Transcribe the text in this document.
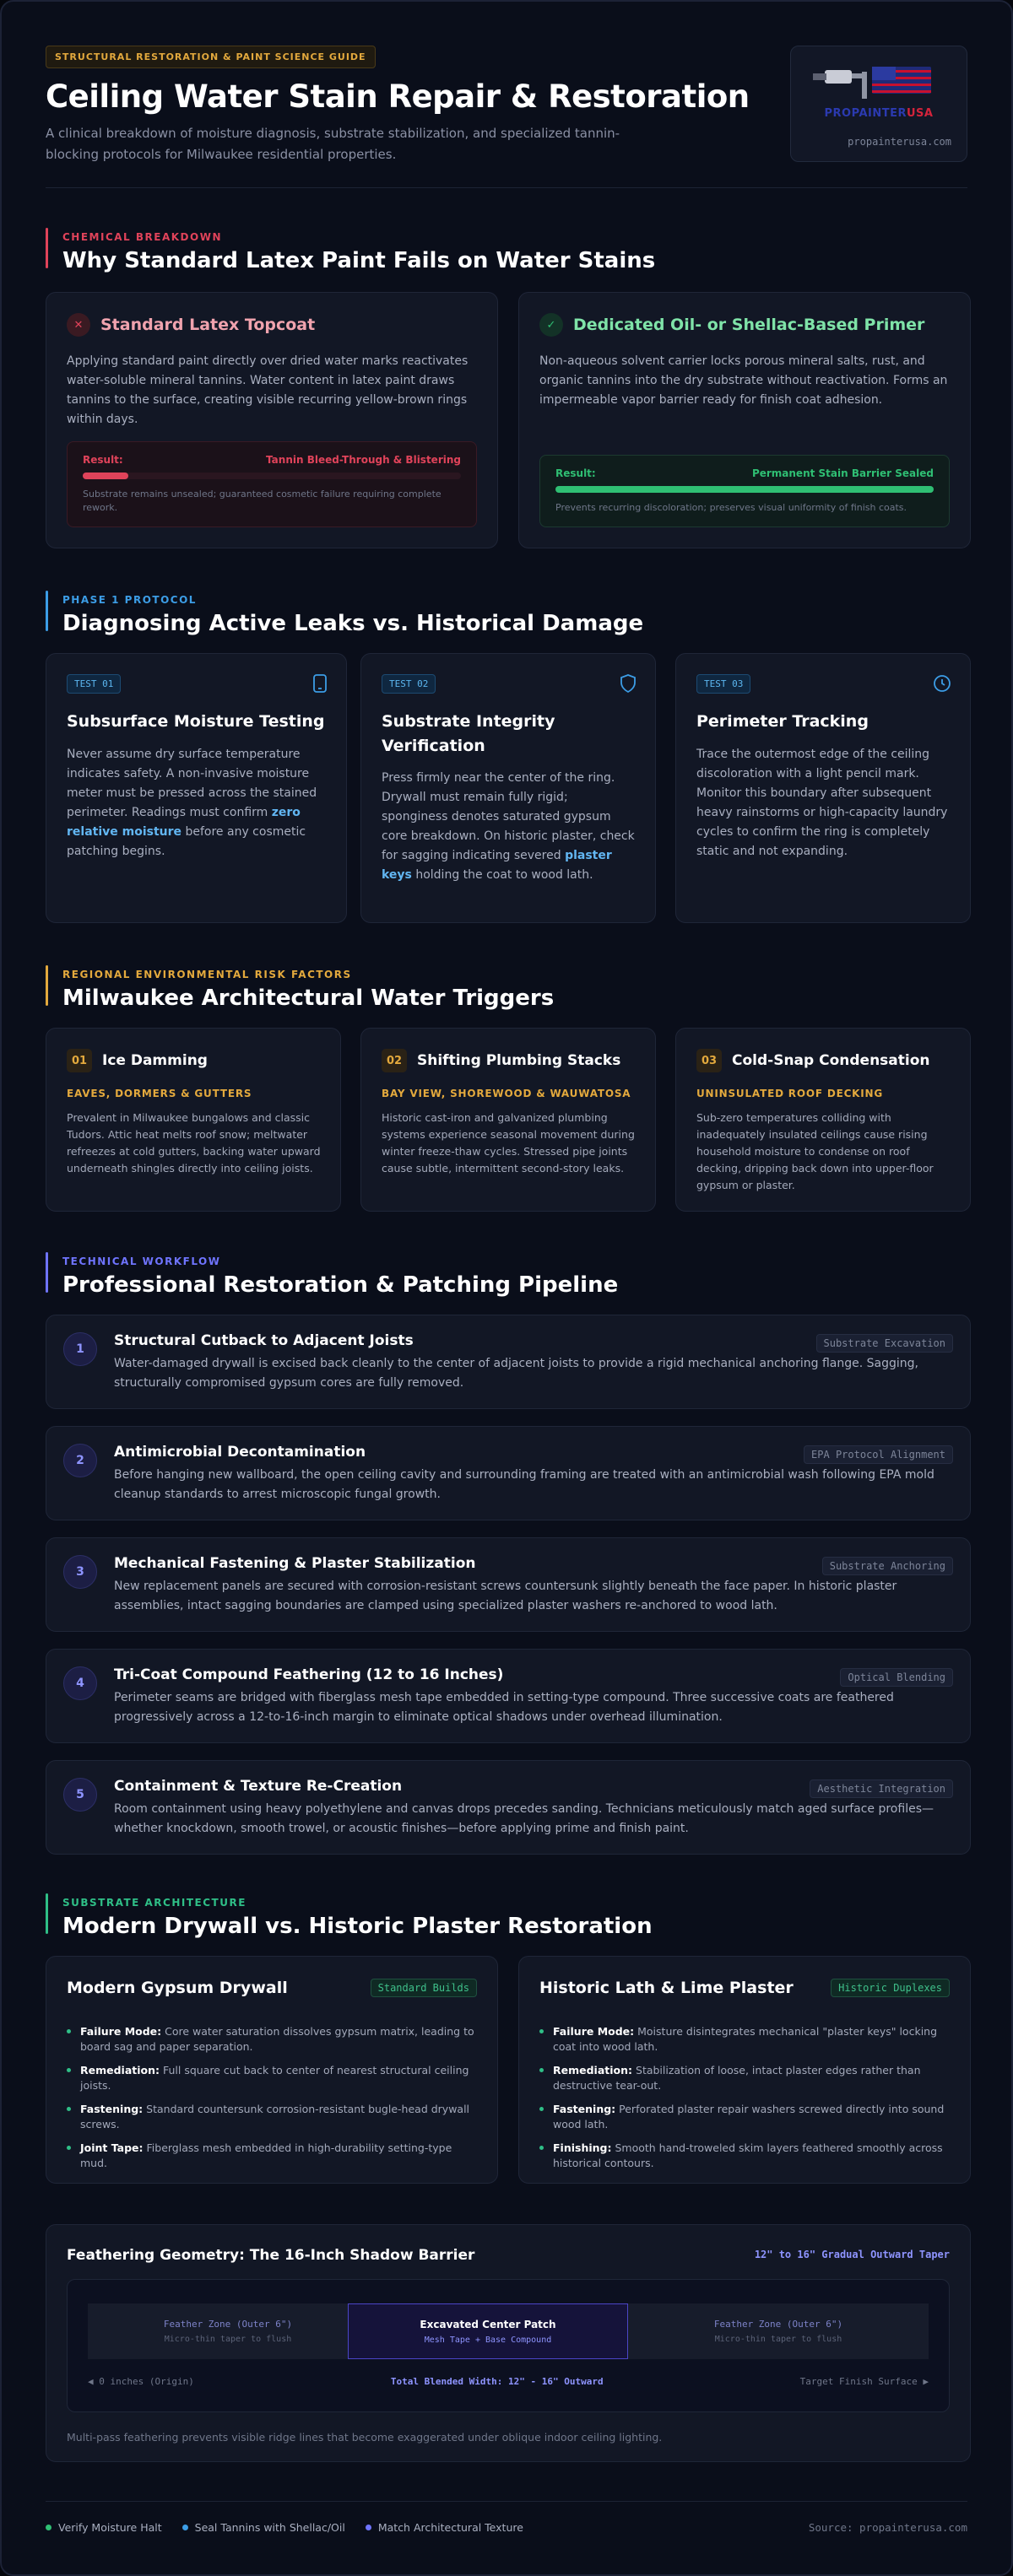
STRUCTURAL RESTORATION & PAINT SCIENCE GUIDE
Ceiling Water Stain Repair & Restoration
A clinical breakdown of moisture diagnosis, substrate stabilization, and specialized tannin-blocking protocols for Milwaukee residential properties.
PROPAINTERUSA
propainterusa.com
CHEMICAL BREAKDOWN
Why Standard Latex Paint Fails on Water Stains
✕	Standard Latex Topcoat
Applying standard paint directly over dried water marks reactivates water-soluble mineral tannins. Water content in latex paint draws tannins to the surface, creating visible recurring yellow-brown rings within days.
Result:	Tannin Bleed-Through & Blistering
Substrate remains unsealed; guaranteed cosmetic failure requiring complete rework.
✓	Dedicated Oil- or Shellac-Based Primer
Non-aqueous solvent carrier locks porous mineral salts, rust, and organic tannins into the dry substrate without reactivation. Forms an impermeable vapor barrier ready for finish coat adhesion.
Result:	Permanent Stain Barrier Sealed
Prevents recurring discoloration; preserves visual uniformity of finish coats.
PHASE 1 PROTOCOL
Diagnosing Active Leaks vs. Historical Damage
TEST 01
Subsurface Moisture Testing
Never assume dry surface temperature indicates safety. A non-invasive moisture meter must be pressed across the stained perimeter. Readings must confirm zero relative moisture before any cosmetic patching begins.
TEST 02
Substrate Integrity Verification
Press firmly near the center of the ring. Drywall must remain fully rigid; sponginess denotes saturated gypsum core breakdown. On historic plaster, check for sagging indicating severed plaster keys holding the coat to wood lath.
TEST 03
Perimeter Tracking
Trace the outermost edge of the ceiling discoloration with a light pencil mark. Monitor this boundary after subsequent heavy rainstorms or high-capacity laundry cycles to confirm the ring is completely static and not expanding.
REGIONAL ENVIRONMENTAL RISK FACTORS
Milwaukee Architectural Water Triggers
01	Ice Damming
EAVES, DORMERS & GUTTERS
Prevalent in Milwaukee bungalows and classic Tudors. Attic heat melts roof snow; meltwater refreezes at cold gutters, backing water upward underneath shingles directly into ceiling joists.
02	Shifting Plumbing Stacks
BAY VIEW, SHOREWOOD & WAUWATOSA
Historic cast-iron and galvanized plumbing systems experience seasonal movement during winter freeze-thaw cycles. Stressed pipe joints cause subtle, intermittent second-story leaks.
03	Cold-Snap Condensation
UNINSULATED ROOF DECKING
Sub-zero temperatures colliding with inadequately insulated ceilings cause rising household moisture to condense on roof decking, dripping back down into upper-floor gypsum or plaster.
TECHNICAL WORKFLOW
Professional Restoration & Patching Pipeline
1	Structural Cutback to Adjacent Joists	Substrate Excavation
Water-damaged drywall is excised back cleanly to the center of adjacent joists to provide a rigid mechanical anchoring flange. Sagging, structurally compromised gypsum cores are fully removed.
2	Antimicrobial Decontamination	EPA Protocol Alignment
Before hanging new wallboard, the open ceiling cavity and surrounding framing are treated with an antimicrobial wash following EPA mold cleanup standards to arrest microscopic fungal growth.
3	Mechanical Fastening & Plaster Stabilization	Substrate Anchoring
New replacement panels are secured with corrosion-resistant screws countersunk slightly beneath the face paper. In historic plaster assemblies, intact sagging boundaries are clamped using specialized plaster washers re-anchored to wood lath.
4	Tri-Coat Compound Feathering (12 to 16 Inches)	Optical Blending
Perimeter seams are bridged with fiberglass mesh tape embedded in setting-type compound. Three successive coats are feathered progressively across a 12-to-16-inch margin to eliminate optical shadows under overhead illumination.
5	Containment & Texture Re-Creation	Aesthetic Integration
Room containment using heavy polyethylene and canvas drops precedes sanding. Technicians meticulously match aged surface profiles—whether knockdown, smooth trowel, or acoustic finishes—before applying prime and finish paint.
SUBSTRATE ARCHITECTURE
Modern Drywall vs. Historic Plaster Restoration
Modern Gypsum Drywall	Standard Builds
Failure Mode: Core water saturation dissolves gypsum matrix, leading to board sag and paper separation.
Remediation: Full square cut back to center of nearest structural ceiling joists.
Fastening: Standard countersunk corrosion-resistant bugle-head drywall screws.
Joint Tape: Fiberglass mesh embedded in high-durability setting-type mud.
Historic Lath & Lime Plaster	Historic Duplexes
Failure Mode: Moisture disintegrates mechanical "plaster keys" locking coat into wood lath.
Remediation: Stabilization of loose, intact plaster edges rather than destructive tear-out.
Fastening: Perforated plaster repair washers screwed directly into sound wood lath.
Finishing: Smooth hand-troweled skim layers feathered smoothly across historical contours.
Feathering Geometry: The 16-Inch Shadow Barrier	12" to 16" Gradual Outward Taper
Feather Zone (Outer 6")
Micro-thin taper to flush
Excavated Center Patch
Mesh Tape + Base Compound
Feather Zone (Outer 6")
Micro-thin taper to flush
◀ 0 inches (Origin)	Total Blended Width: 12" - 16" Outward	Target Finish Surface ▶
Multi-pass feathering prevents visible ridge lines that become exaggerated under oblique indoor ceiling lighting.
Verify Moisture Halt	Seal Tannins with Shellac/Oil	Match Architectural Texture	Source: propainterusa.com
